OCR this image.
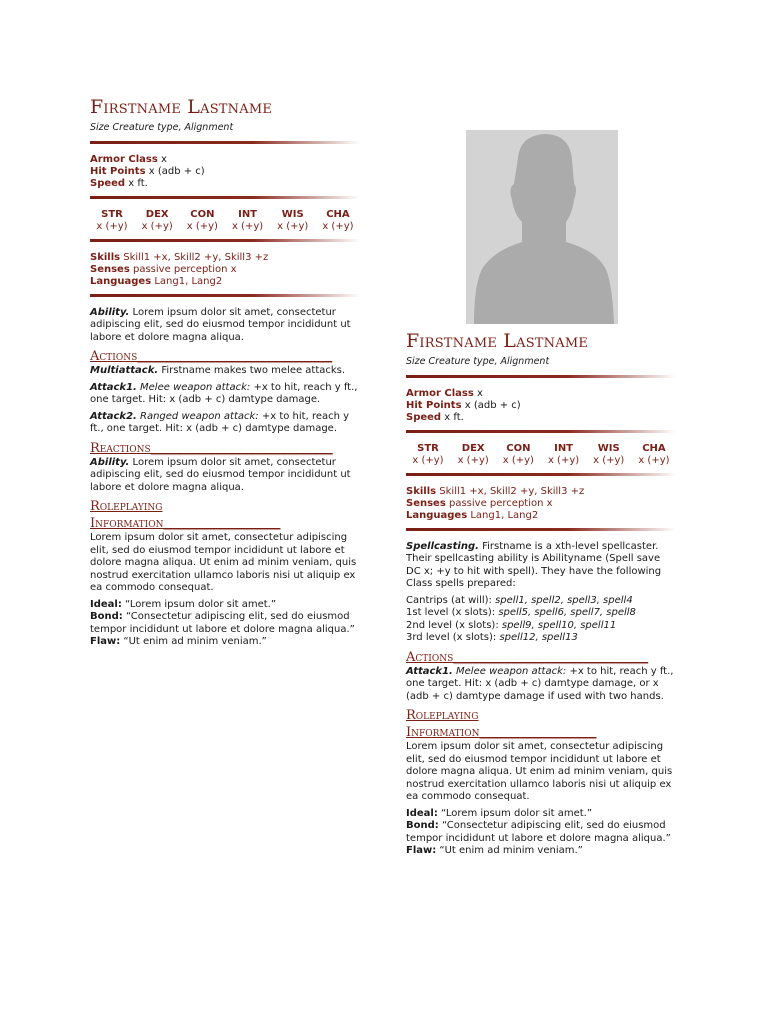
Firstname Lastname
Size Creature type, Alignment
Armor Class x
Hit Points x (adb + c)
Speed x ft.
STR
x (+y)
DEX
x (+y)
CON
x (+y)
INT
x (+y)
WIS
x (+y)
CHA
x (+y)
Skills Skill1 +x, Skill2 +y, Skill3 +z
Senses passive perception x
Languages Lang1, Lang2

Ability. Lorem ipsum dolor sit amet, consectetur adipiscing elit, sed do eiusmod tempor incididunt ut labore et dolore magna aliqua.

Actions______________________________

Multiattack. Firstname makes two melee attacks.

Attack1. Melee weapon attack: +x to hit, reach y ft., one target. Hit: x (adb + c) damtype damage.

Attack2. Ranged weapon attack: +x to hit, reach y ft., one target. Hit: x (adb + c) damtype damage.

Reactions____________________________

Ability. Lorem ipsum dolor sit amet, consectetur adipiscing elit, sed do eiusmod tempor incididunt ut labore et dolore magna aliqua.

Roleplaying
Information__________________

Lorem ipsum dolor sit amet, consectetur adipiscing elit, sed do eiusmod tempor incididunt ut labore et dolore magna aliqua. Ut enim ad minim veniam, quis nostrud exercitation ullamco laboris nisi ut aliquip ex ea commodo consequat.

Ideal: “Lorem ipsum dolor sit amet.”
Bond: “Consectetur adipiscing elit, sed do eiusmod tempor incididunt ut labore et dolore magna aliqua.”
Flaw: “Ut enim ad minim veniam.”
Firstname Lastname
Size Creature type, Alignment
Armor Class x
Hit Points x (adb + c)
Speed x ft.
STR
x (+y)
DEX
x (+y)
CON
x (+y)
INT
x (+y)
WIS
x (+y)
CHA
x (+y)
Skills Skill1 +x, Skill2 +y, Skill3 +z
Senses passive perception x
Languages Lang1, Lang2

Spellcasting. Firstname is a xth-level spellcaster. Their spellcasting ability is Abilityname (Spell save DC x; +y to hit with spell). They have the following Class spells prepared:

Cantrips (at will): spell1, spell2, spell3, spell4
1st level (x slots): spell5, spell6, spell7, spell8
2nd level (x slots): spell9, spell10, spell11
3rd level (x slots): spell12, spell13
Actions______________________________

Attack1. Melee weapon attack: +x to hit, reach y ft., one target. Hit: x (adb + c) damtype damage, or x (adb + c) damtype damage if used with two hands.

Roleplaying
Information__________________

Lorem ipsum dolor sit amet, consectetur adipiscing elit, sed do eiusmod tempor incididunt ut labore et dolore magna aliqua. Ut enim ad minim veniam, quis nostrud exercitation ullamco laboris nisi ut aliquip ex ea commodo consequat.

Ideal: “Lorem ipsum dolor sit amet.”
Bond: “Consectetur adipiscing elit, sed do eiusmod tempor incididunt ut labore et dolore magna aliqua.”
Flaw: “Ut enim ad minim veniam.”
